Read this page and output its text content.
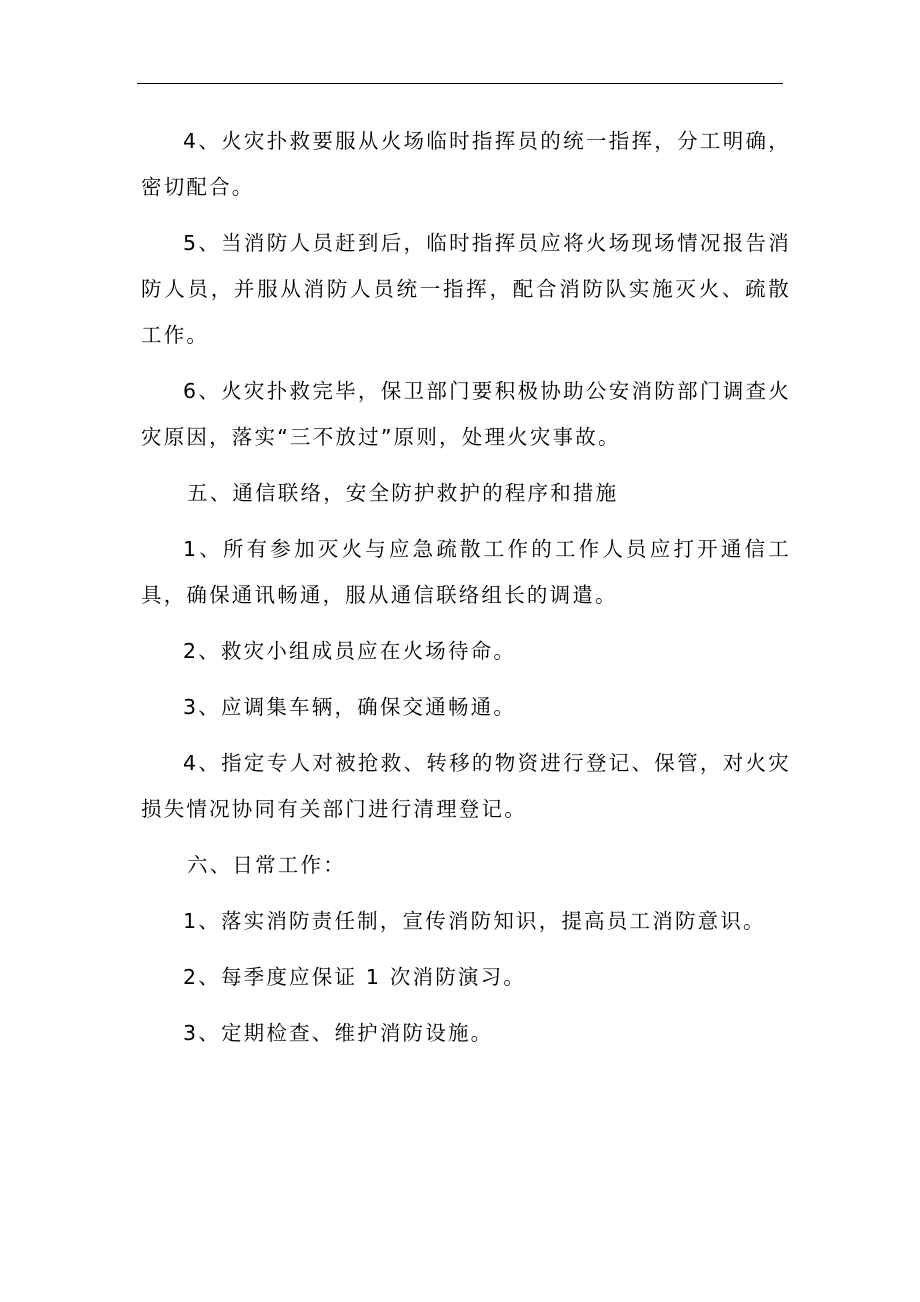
4、火灾扑救要服从火场临时指挥员的统一指挥，分工明确，密切配合。

5、当消防人员赶到后，临时指挥员应将火场现场情况报告消防人员，并服从消防人员统一指挥，配合消防队实施灭火、疏散工作。

6、火灾扑救完毕，保卫部门要积极协助公安消防部门调查火灾原因，落实“三不放过”原则，处理火灾事故。

五、通信联络，安全防护救护的程序和措施

1、所有参加灭火与应急疏散工作的工作人员应打开通信工具，确保通讯畅通，服从通信联络组长的调遣。

2、救灾小组成员应在火场待命。

3、应调集车辆，确保交通畅通。

4、指定专人对被抢救、转移的物资进行登记、保管，对火灾损失情况协同有关部门进行清理登记。

六、日常工作：

1、落实消防责任制，宣传消防知识，提高员工消防意识。

2、每季度应保证 1 次消防演习。

3、定期检查、维护消防设施。
